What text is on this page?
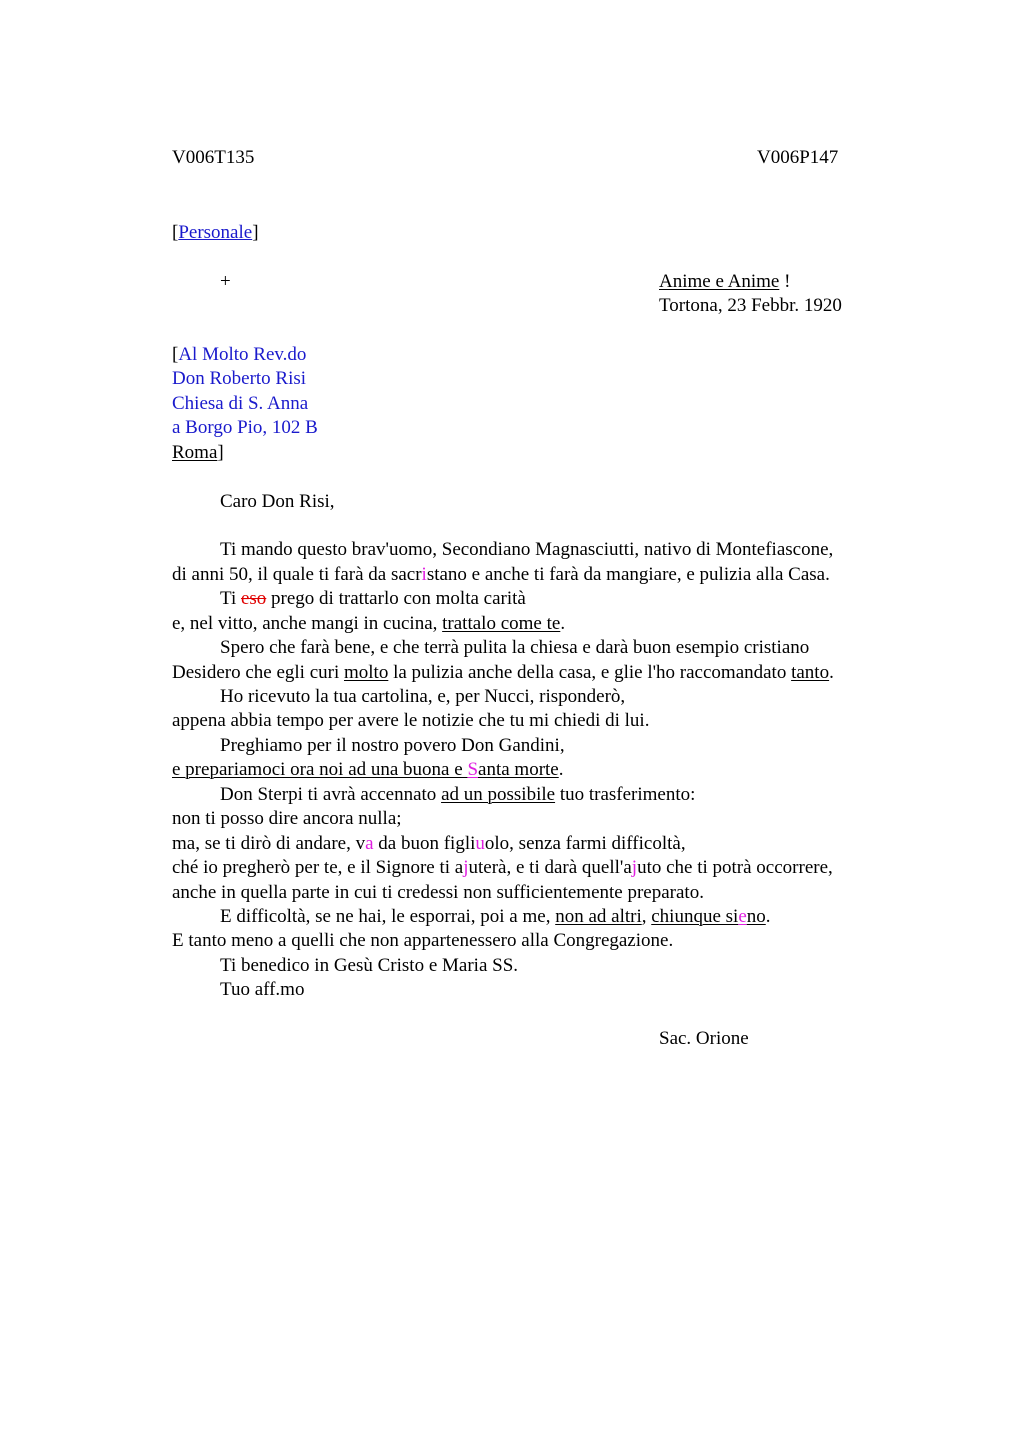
V006T135	V006P147
[Personale]
+	Anime e Anime !
Tortona, 23 Febbr. 1920
[Al Molto Rev.do
Don Roberto Risi
Chiesa di S. Anna
a Borgo Pio, 102 B
Roma]
Caro Don Risi,
Ti mando questo brav'uomo, Secondiano Magnasciutti, nativo di Montefiascone,
di anni 50, il quale ti farà da sacristano e anche ti farà da mangiare, e pulizia alla Casa.
Ti eso prego di trattarlo con molta carità
e, nel vitto, anche mangi in cucina, trattalo come te.
Spero che farà bene, e che terrà pulita la chiesa e darà buon esempio cristiano
Desidero che egli curi molto la pulizia anche della casa, e glie l'ho raccomandato tanto.
Ho ricevuto la tua cartolina, e, per Nucci, risponderò,
appena abbia tempo per avere le notizie che tu mi chiedi di lui.
Preghiamo per il nostro povero Don Gandini,
e prepariamoci ora noi ad una buona e Santa morte.
Don Sterpi ti avrà accennato ad un possibile tuo trasferimento:
non ti posso dire ancora nulla;
ma, se ti dirò di andare, va da buon figliuolo, senza farmi difficoltà,
ché io pregherò per te, e il Signore ti ajuterà, e ti darà quell'ajuto che ti potrà occorrere,
anche in quella parte in cui ti credessi non sufficientemente preparato.
E difficoltà, se ne hai, le esporrai, poi a me, non ad altri, chiunque sieno.
E tanto meno a quelli che non appartenessero alla Congregazione.
Ti benedico in Gesù Cristo e Maria SS.
Tuo aff.mo
Sac. Orione
